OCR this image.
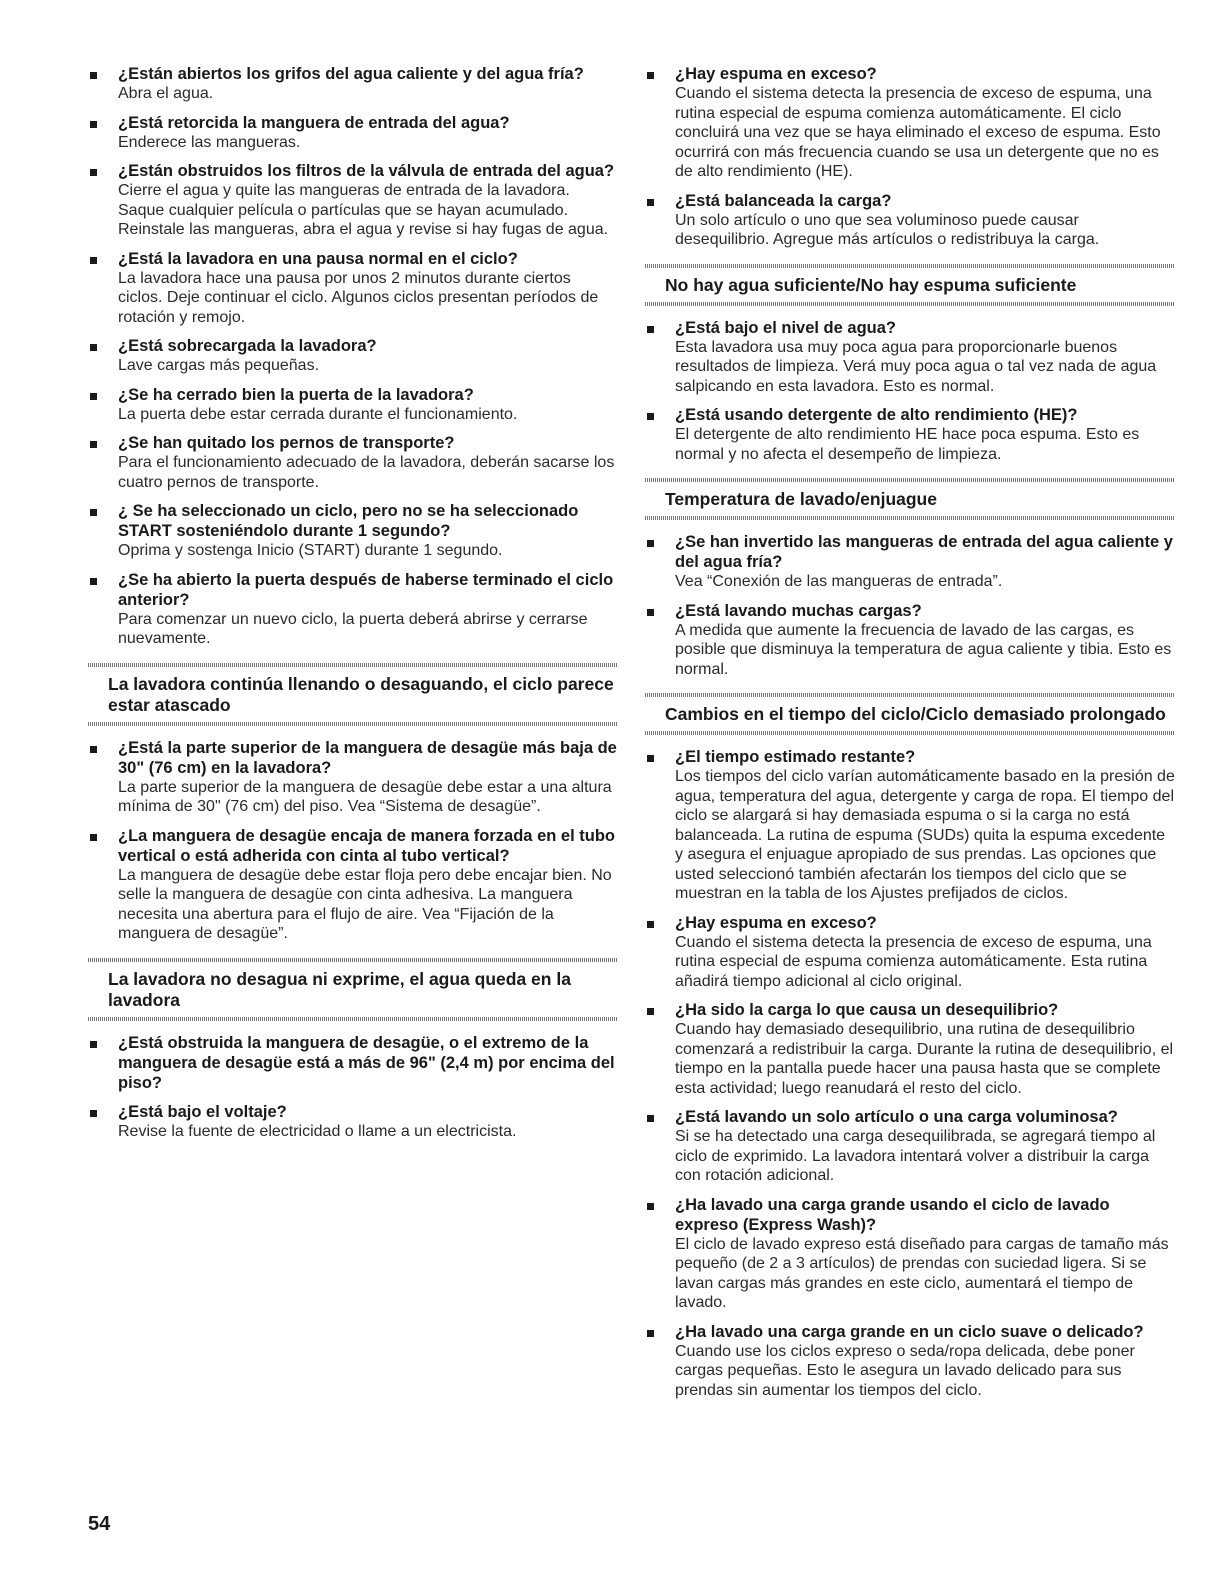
¿Están abiertos los grifos del agua caliente y del agua fría?
Abra el agua.
¿Está retorcida la manguera de entrada del agua?
Enderece las mangueras.
¿Están obstruidos los filtros de la válvula de entrada del agua?
Cierre el agua y quite las mangueras de entrada de la lavadora. Saque cualquier película o partículas que se hayan acumulado. Reinstale las mangueras, abra el agua y revise si hay fugas de agua.
¿Está la lavadora en una pausa normal en el ciclo?
La lavadora hace una pausa por unos 2 minutos durante ciertos ciclos. Deje continuar el ciclo. Algunos ciclos presentan períodos de rotación y remojo.
¿Está sobrecargada la lavadora?
Lave cargas más pequeñas.
¿Se ha cerrado bien la puerta de la lavadora?
La puerta debe estar cerrada durante el funcionamiento.
¿Se han quitado los pernos de transporte?
Para el funcionamiento adecuado de la lavadora, deberán sacarse los cuatro pernos de transporte.
¿ Se ha seleccionado un ciclo, pero no se ha seleccionado START sosteniéndolo durante 1 segundo?
Oprima y sostenga Inicio (START) durante 1 segundo.
¿Se ha abierto la puerta después de haberse terminado el ciclo anterior?
Para comenzar un nuevo ciclo, la puerta deberá abrirse y cerrarse nuevamente.
La lavadora continúa llenando o desaguando, el ciclo parece estar atascado
¿Está la parte superior de la manguera de desagüe más baja de 30" (76 cm) en la lavadora?
La parte superior de la manguera de desagüe debe estar a una altura mínima de 30" (76 cm) del piso. Vea “Sistema de desagüe”.
¿La manguera de desagüe encaja de manera forzada en el tubo vertical o está adherida con cinta al tubo vertical?
La manguera de desagüe debe estar floja pero debe encajar bien. No selle la manguera de desagüe con cinta adhesiva. La manguera necesita una abertura para el flujo de aire. Vea “Fijación de la manguera de desagüe”.
La lavadora no desagua ni exprime, el agua queda en la lavadora
¿Está obstruida la manguera de desagüe, o el extremo de la manguera de desagüe está a más de 96" (2,4 m) por encima del piso?
¿Está bajo el voltaje?
Revise la fuente de electricidad o llame a un electricista.
¿Hay espuma en exceso?
Cuando el sistema detecta la presencia de exceso de espuma, una rutina especial de espuma comienza automáticamente. El ciclo concluirá una vez que se haya eliminado el exceso de espuma. Esto ocurrirá con más frecuencia cuando se usa un detergente que no es de alto rendimiento (HE).
¿Está balanceada la carga?
Un solo artículo o uno que sea voluminoso puede causar desequilibrio. Agregue más artículos o redistribuya la carga.
No hay agua suficiente/No hay espuma suficiente
¿Está bajo el nivel de agua?
Esta lavadora usa muy poca agua para proporcionarle buenos resultados de limpieza. Verá muy poca agua o tal vez nada de agua salpicando en esta lavadora. Esto es normal.
¿Está usando detergente de alto rendimiento (HE)?
El detergente de alto rendimiento HE hace poca espuma. Esto es normal y no afecta el desempeño de limpieza.
Temperatura de lavado/enjuague
¿Se han invertido las mangueras de entrada del agua caliente y del agua fría?
Vea “Conexión de las mangueras de entrada”.
¿Está lavando muchas cargas?
A medida que aumente la frecuencia de lavado de las cargas, es posible que disminuya la temperatura de agua caliente y tibia. Esto es normal.
Cambios en el tiempo del ciclo/Ciclo demasiado prolongado
¿El tiempo estimado restante?
Los tiempos del ciclo varían automáticamente basado en la presión de agua, temperatura del agua, detergente y carga de ropa. El tiempo del ciclo se alargará si hay demasiada espuma o si la carga no está balanceada. La rutina de espuma (SUDs) quita la espuma excedente y asegura el enjuague apropiado de sus prendas. Las opciones que usted seleccionó también afectarán los tiempos del ciclo que se muestran en la tabla de los Ajustes prefijados de ciclos.
¿Hay espuma en exceso?
Cuando el sistema detecta la presencia de exceso de espuma, una rutina especial de espuma comienza automáticamente. Esta rutina añadirá tiempo adicional al ciclo original.
¿Ha sido la carga lo que causa un desequilibrio?
Cuando hay demasiado desequilibrio, una rutina de desequilibrio comenzará a redistribuir la carga. Durante la rutina de desequilibrio, el tiempo en la pantalla puede hacer una pausa hasta que se complete esta actividad; luego reanudará el resto del ciclo.
¿Está lavando un solo artículo o una carga voluminosa?
Si se ha detectado una carga desequilibrada, se agregará tiempo al ciclo de exprimido. La lavadora intentará volver a distribuir la carga con rotación adicional.
¿Ha lavado una carga grande usando el ciclo de lavado expreso (Express Wash)?
El ciclo de lavado expreso está diseñado para cargas de tamaño más pequeño (de 2 a 3 artículos) de prendas con suciedad ligera. Si se lavan cargas más grandes en este ciclo, aumentará el tiempo de lavado.
¿Ha lavado una carga grande en un ciclo suave o delicado?
Cuando use los ciclos expreso o seda/ropa delicada, debe poner cargas pequeñas. Esto le asegura un lavado delicado para sus prendas sin aumentar los tiempos del ciclo.
54
